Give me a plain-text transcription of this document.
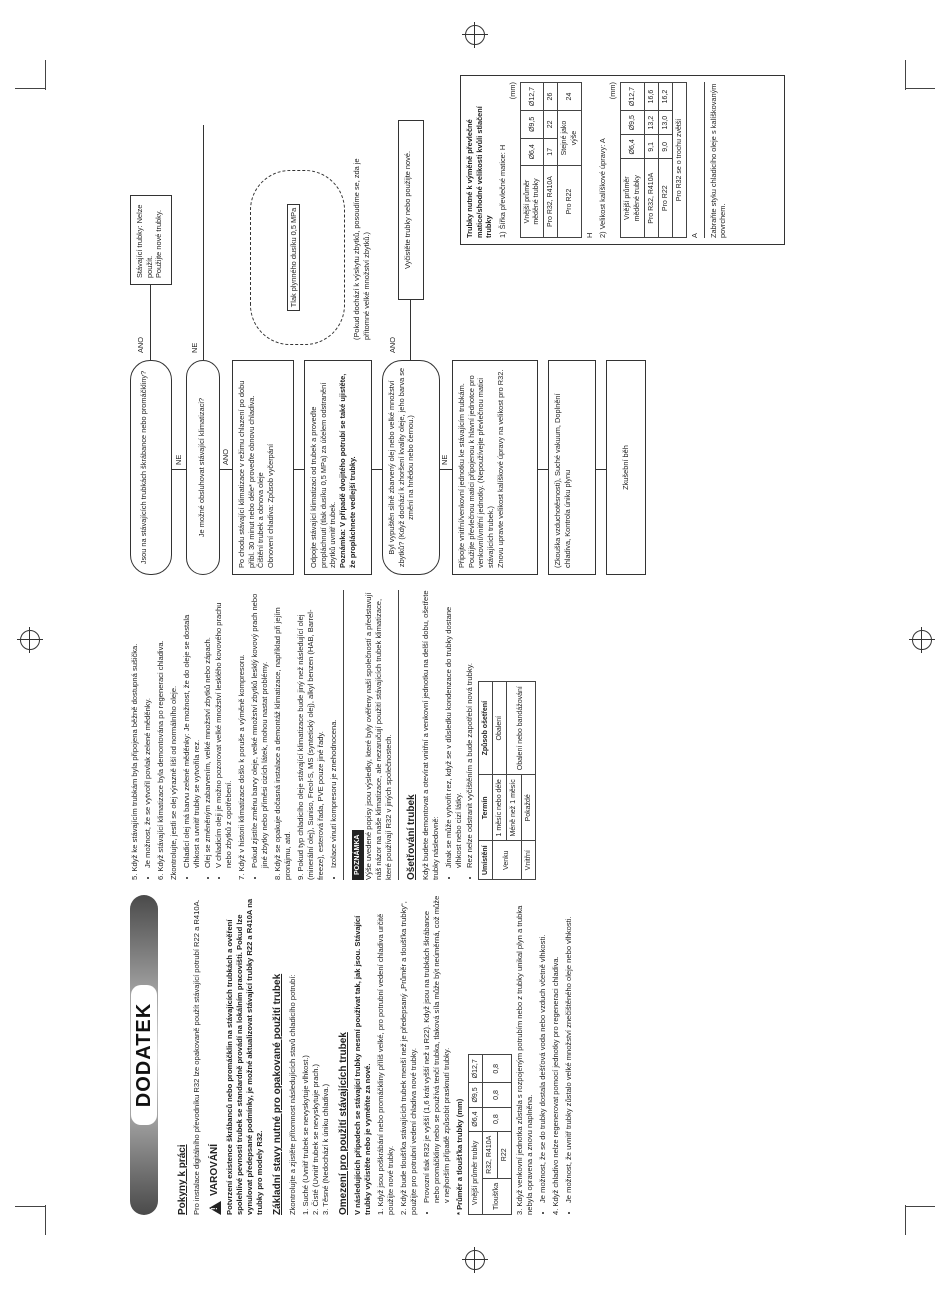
DODATEK
Pokyny k práci Pro instalace digitálního převodníku R32 lze opakovaně použít stávající potrubí R22 a R410A.

! VAROVÁNÍ Potvrzení existence škrábanců nebo promáčklin na stávajících trubkách a ověření spolehlivé pevnosti trubek se standardně provádí na lokálním pracovišti. Pokud lze vynulovat předepsané podmínky, je možné aktualizovat stávající trubky R22 a R410A na trubky pro modely R32. Základní stavy nutné pro opakované použití trubek Zkontrolujte a zjistěte přítomnost následujících stavů chladicího potrubí: 1. Suché (Uvnitř trubek se nevyskytuje vlhkost.) 2. Čisté (Uvnitř trubek se nevyskytuje prach.) 3. Těsné (Nedochází k úniku chladiva.) Omezení pro použití stávajících trubek V následujících případech se stávající trubky nesmí používat tak, jak jsou. Stávající trubky vyčistěte nebo je vyměňte za nové. 1. Když jsou poškrábání nebo promáčkliny příliš velké, pro potrubní vedení chladiva určitě použijte nové trubky. 2. Když bude tloušťka stávajících trubek menší než je předepsaný „Průměr a tloušťka trubky“, použijte pro potrubní vedení chladiva nové trubky. • Provozní tlak R32 je vyšší (1,6 krát vyšší než u R22). Když jsou na trubkách škrábance nebo promáčkliny nebo se používá tenčí trubka, tlaková síla může být neúměrná, což může v nejhorším případě způsobit prasknutí trubky. * Průměr a tloušťka trubky (mm) Vnější průměr trubky		Ø6,4	Ø9,5	Ø12,7
Tloušťka	R32, R410A	0,8	0,8	0,8
	R22			3. Když venkovní jednotka zůstala s rozpojeným potrubím nebo z trubky unikal plyn a trubka nebyla opravena a znovu naplněna. • Je možnost, že se do trubky dostala dešťová voda nebo vzduch včetně vlhkosti. 4. Když chladivo nelze regenerovat pomocí jednotky pro regeneraci chladiva. • Je možnost, že uvnitř trubky zůstalo velké množství znečištěného oleje nebo vlhkosti.

5. Když ke stávajícím trubkám byla připojena běžně dostupná sušička. • Je možnost, že se vytvořil povlak zelené měděnky. 6. Když stávající klimatizace byla demontována po regeneraci chladiva. Zkontrolujte, jestli se olej výrazně liší od normálního oleje. • Chladicí olej má barvu zelené měděnky: Je možnost, že do oleje se dostala vlhkost a uvnitř trubky se vytvořila rez. • Olej se změněným zabarvením, velké množství zbytků nebo zápach. • V chladicím oleji je možno pozorovat velké množství lesklého kovového prachu nebo zbytků z opotřebení. 7. Když v historii klimatizace došlo k poruše a výměně kompresoru. • Pokud zjistíte změnu barvy oleje, velké množství zbytků lesklý kovový prach nebo jiné zbytky nebo příměsi cizích látek, mohou nastat problémy. 8. Když se opakuje dočasná instalace a demontáž klimatizace, například při jejím pronájmu, atd. 9. Pokud typ chladicího oleje stávající klimatizace bude jiný než následující olej (minerální olej), Suniso, Freol-S, MS (syntetický olej), alkyl benzen (HAB, Barrel-freeze), esterová řada, PVE pouze jiné řady. • Izolace vinutí kompresoru je znehodnocena. POZNÁMKA Výše uvedené popisy jsou výsledky, které byly ověřeny naší společností a představují náš názor na naše klimatizace, ale nezaručují použití stávajících trubek klimatizace, které používají R32 v jiných společnostech. Ošetřování trubek Když budete demontovat a otevírat vnitřní a venkovní jednotku na delší dobu, ošetřete trubky následovně: • Jinak se může vytvořit rez, když se v důsledku kondenzace do trubky dostane vlhkost nebo cizí látky. • Rez nelze odstranit vyčištěním a bude zapotřebí nová trubky. Umístění	Termín	Způsob ošetření
Venku	1 měsíc nebo déle	Obalení
	Méně než 1 měsíc	Obalení nebo bandážování
Vnitřní	Pokaždé	
Jsou na stávajících trubkách škrábance nebo promáčkliny?
ANO
Stávající trubky: Nelze použít. Použijte nové trubky.
NE	Je možné obsluhovat stávající klimatizaci?
NE
ANO Po chodu stávající klimatizace v režimu chlazení po dobu přibl. 30 minut nebo déle* proveďte obnovu chladiva. Čištění trubek a obnova oleje Obnovení chladiva: Způsob vyčerpání	Odpojte stávající klimatizaci od trubek a proveďte propláchnutí (tlak dusíku 0,5 MPa) za účelem odstranění zbytků uvnitř trubek. Poznámka: V případě dvojitého potrubí se také ujistěte, že propláchnete vedlejší trubky.
Tlak plynného dusíku 0,5 MPa
Byl vypuštěn silně zbarvený olej nebo velké množství zbytků? (Když dochází k zhoršení kvality oleje, jeho barva se změní na hnědou nebo černou.)
ANO
Vyčistěte trubky nebo použijte nové.
(Pokud dochází k výskytu zbytků, posoudíme se, zda je přítomné velké množství zbytků.)
NE Připojte vnitřní/venkovní jednotku ke stávajícím trubkám. Použijte převlečnou matici připojenou k hlavní jednotce pro venkovní/vnitřní jednotky. (Nepoužívejte převlečnou matici stávajících trubek.) Znovu upravte velikost kalíškové úpravy na velikost pro R32.	(Zkouška vzduchotěsnosti), Suché vakuum, Doplnění chladiva, Kontrola úniku plynu
Zkušební běh
Trubky nutné k výměně převlečné matice/shodné velikosti kvůli stlačení trubky 1) Šířka převlečné matice: H
(mm)
Vnější průměr měděné trubky	Ø6,4	Ø9,5	Ø12,7
Pro R32, R410A	17	22	26
Pro R22	Stejné jako výše		24
H 2) Velikost kalíškové úpravy: A
(mm)
Vnější průměr měděné trubky	Ø6,4	Ø9,5	Ø12,7
Pro R32, R410A	9,1	13,2	16,6
Pro R22	9,0	13,0	16,2
Pro R32 se o trochu zvětší			
A Zabraňte styku chladicího oleje s kalíškovaným povrchem.
